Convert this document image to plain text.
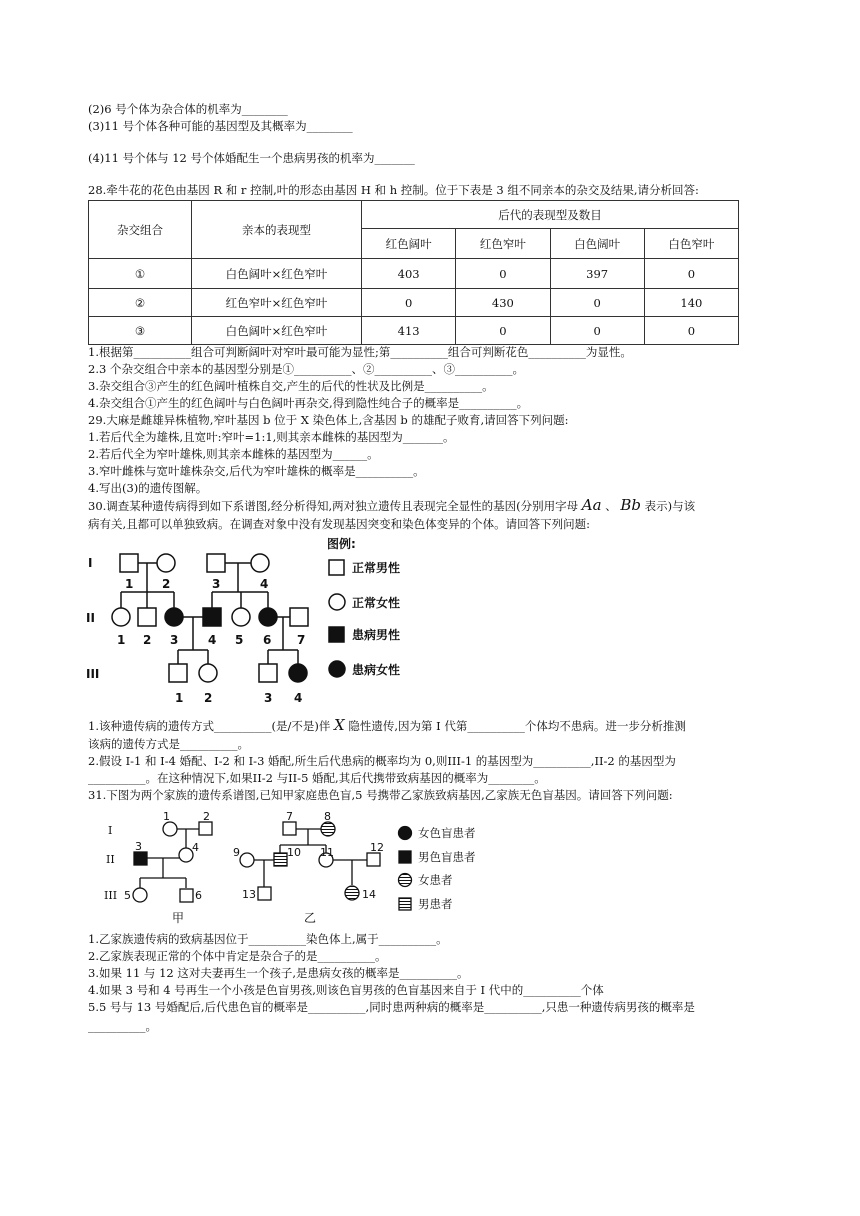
(2)6 号个体为杂合体的机率为________
(3)11 号个体各种可能的基因型及其概率为________
(4)11 号个体与 12 号个体婚配生一个患病男孩的机率为_______
28.牵牛花的花色由基因 R 和 r 控制,叶的形态由基因 H 和 h 控制。位于下表是 3 组不同亲本的杂交及结果,请分析回答:
杂交组合	亲本的表现型	后代的表现型及数目			
		红色阔叶	红色窄叶	白色阔叶	白色窄叶
①	白色阔叶×红色窄叶	403	0	397	0
②	红色窄叶×红色窄叶	0	430	0	140
③	白色阔叶×红色窄叶	413	0	0	0
1.根据第__________组合可判断阔叶对窄叶最可能为显性;第__________组合可判断花色__________为显性。
2.3 个杂交组合中亲本的基因型分别是①__________、②__________、③__________。
3.杂交组合③产生的红色阔叶植株自交,产生的后代的性状及比例是__________。
4.杂交组合①产生的红色阔叶与白色阔叶再杂交,得到隐性纯合子的概率是__________。
29.大麻是雌雄异株植物,窄叶基因 b 位于 X 染色体上,含基因 b 的雄配子败育,请回答下列问题:
1.若后代全为雄株,且宽叶:窄叶=1:1,则其亲本雌株的基因型为_______。
2.若后代全为窄叶雄株,则其亲本雌株的基因型为______。
3.窄叶雌株与宽叶雄株杂交,后代为窄叶雄株的概率是__________。
4.写出(3)的遗传图解。
30.调查某种遗传病得到如下系谱图,经分析得知,两对独立遗传且表现完全显性的基因(分别用字母 Aa 、 Bb 表示)与该
病有关,且都可以单独致病。在调查对象中没有发现基因突变和染色体变异的个体。请回答下列问题:
I
II
III
1 2	3	4
1 2 3 4 5 6 7
1 2	3 4
图例:
正常男性
正常女性
患病男性
患病女性
1.该种遗传病的遗传方式__________(是/不是)伴 X 隐性遗传,因为第 I 代第__________个体均不患病。进一步分析推测
该病的遗传方式是__________。
2.假设 I-1 和 I-4 婚配、I-2 和 I-3 婚配,所生后代患病的概率均为 0,则III-1 的基因型为__________,II-2 的基因型为
__________。在这种情况下,如果II-2 与II-5 婚配,其后代携带致病基因的概率为________。
31.下图为两个家族的遗传系谱图,已知甲家庭患色盲,5 号携带乙家族致病基因,乙家族无色盲基因。请回答下列问题:
I
II
III
1	2
3	4
5	6
7	8
9	10 11	12
13	14
甲	乙
女色盲患者
男色盲患者
女患者
男患者
1.乙家族遗传病的致病基因位于__________染色体上,属于__________。
2.乙家族表现正常的个体中肯定是杂合子的是__________。
3.如果 11 与 12 这对夫妻再生一个孩子,是患病女孩的概率是__________。
4.如果 3 号和 4 号再生一个小孩是色盲男孩,则该色盲男孩的色盲基因来自于 I 代中的__________个体
5.5 号与 13 号婚配后,后代患色盲的概率是__________,同时患两种病的概率是__________,只患一种遗传病男孩的概率是
__________。
